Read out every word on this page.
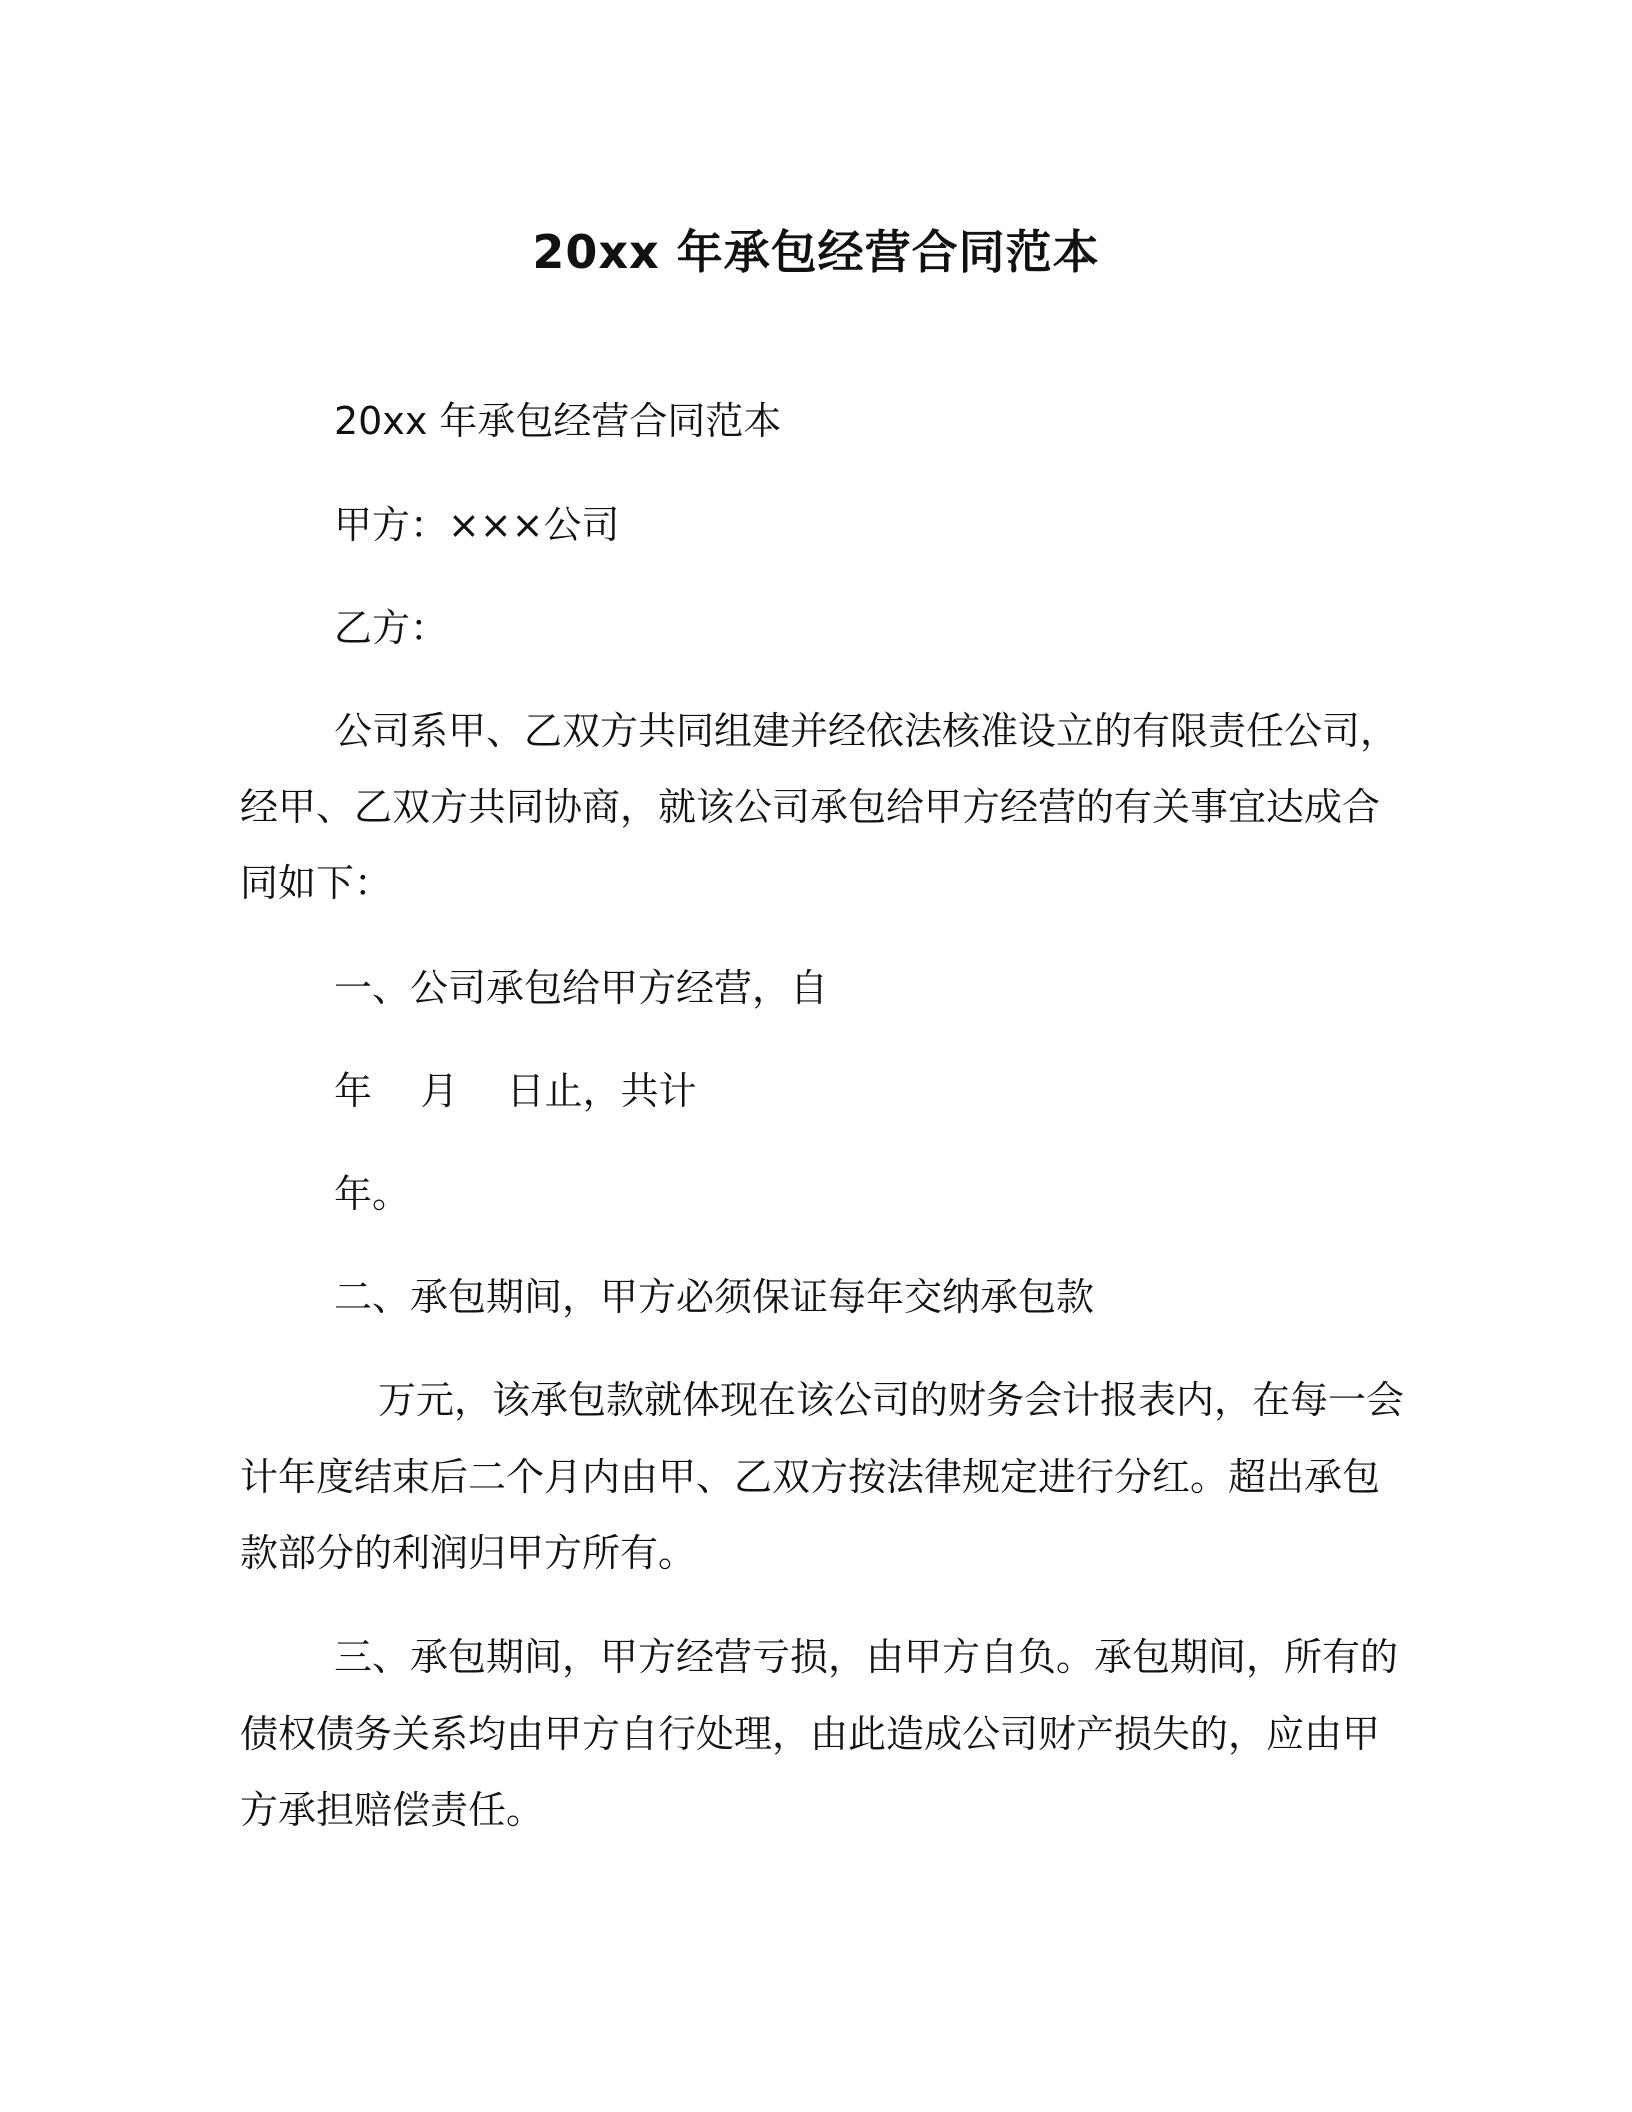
20xx 年承包经营合同范本
20xx 年承包经营合同范本
甲方：×××公司
乙方：
公司系甲、乙双方共同组建并经依法核准设立的有限责任公司，
经甲、乙双方共同协商，就该公司承包给甲方经营的有关事宜达成合
同如下：
一、公司承包给甲方经营，自
年    月    日止，共计
年。
二、承包期间，甲方必须保证每年交纳承包款
万元，该承包款就体现在该公司的财务会计报表内，在每一会
计年度结束后二个月内由甲、乙双方按法律规定进行分红。超出承包
款部分的利润归甲方所有。
三、承包期间，甲方经营亏损，由甲方自负。承包期间，所有的
债权债务关系均由甲方自行处理，由此造成公司财产损失的，应由甲
方承担赔偿责任。
